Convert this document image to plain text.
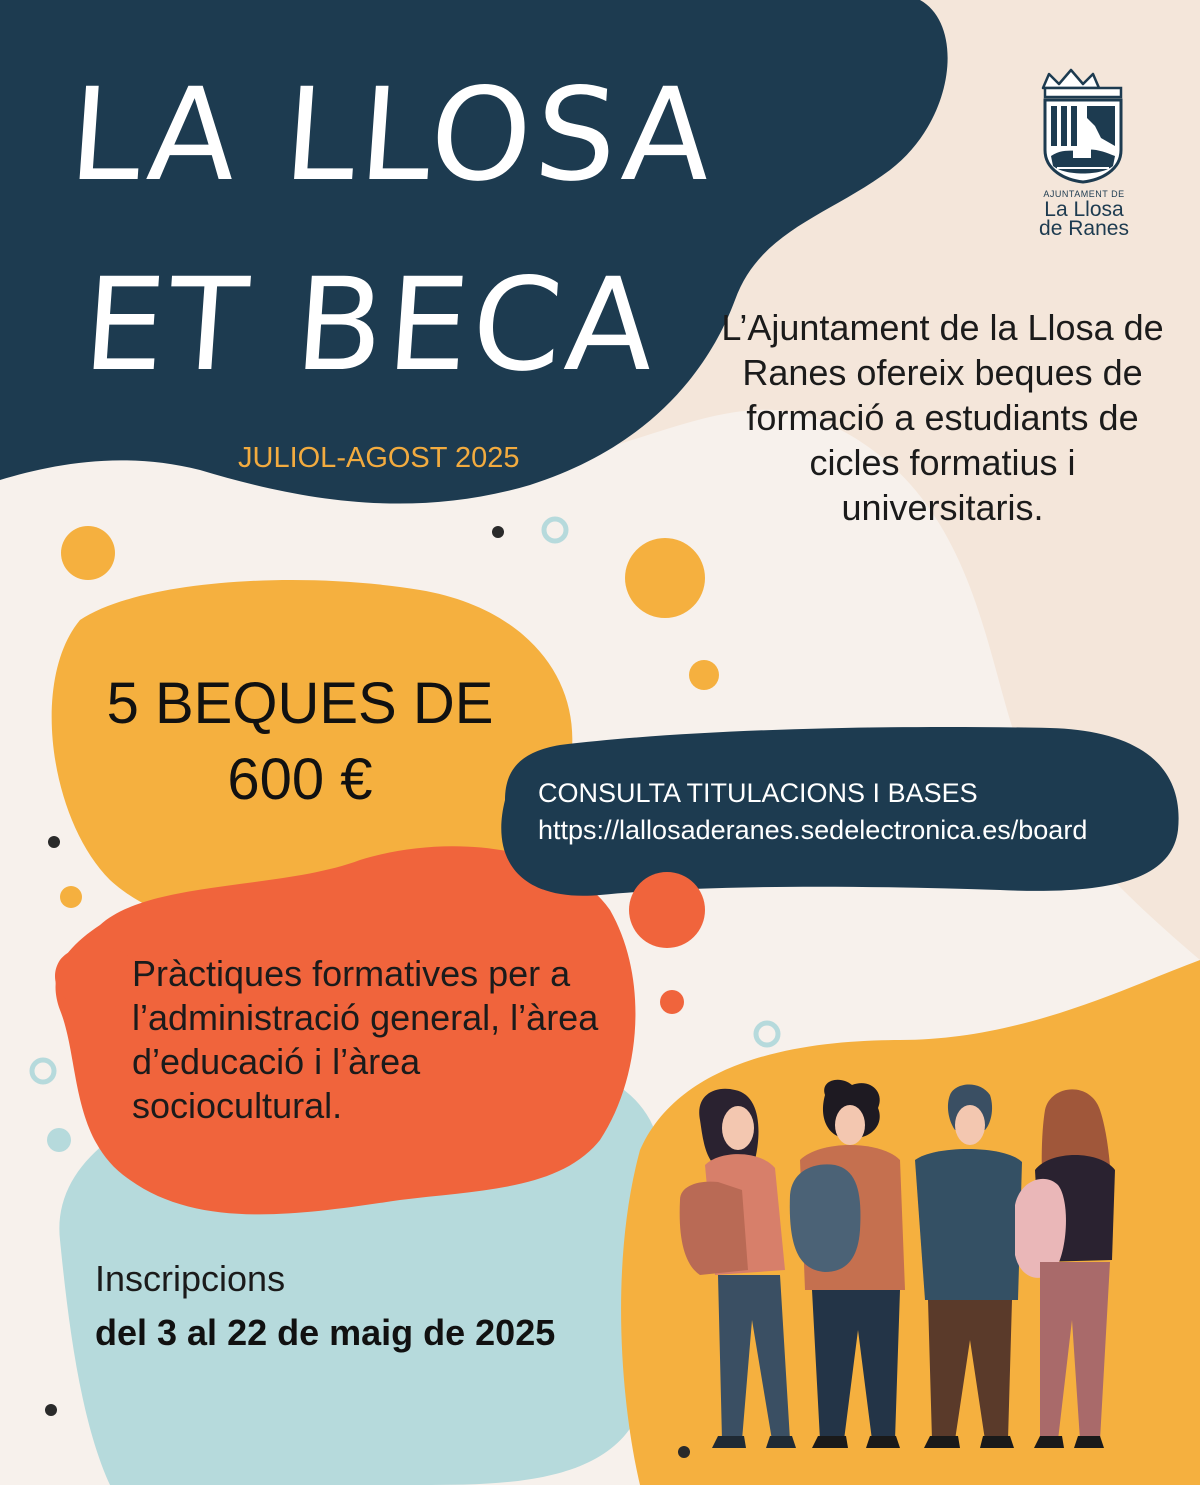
LA LLOSA
ET BECA

JULIOL-AGOST 2025

L’Ajuntament de la Llosa de Ranes ofereix beques de formació a estudiants de cicles formatius i universitaris.

5 BEQUES DE 600 €	CONSULTA TITULACIONS I BASES

https://lallosaderanes.sedelectronica.es/board

Pràctiques formatives per a l’administració general, l’àrea d’educació i l’àrea sociocultural.

Inscripcions

del 3 al 22 de maig de 2025

AJUNTAMENT DE

La Llosa

de Ranes
